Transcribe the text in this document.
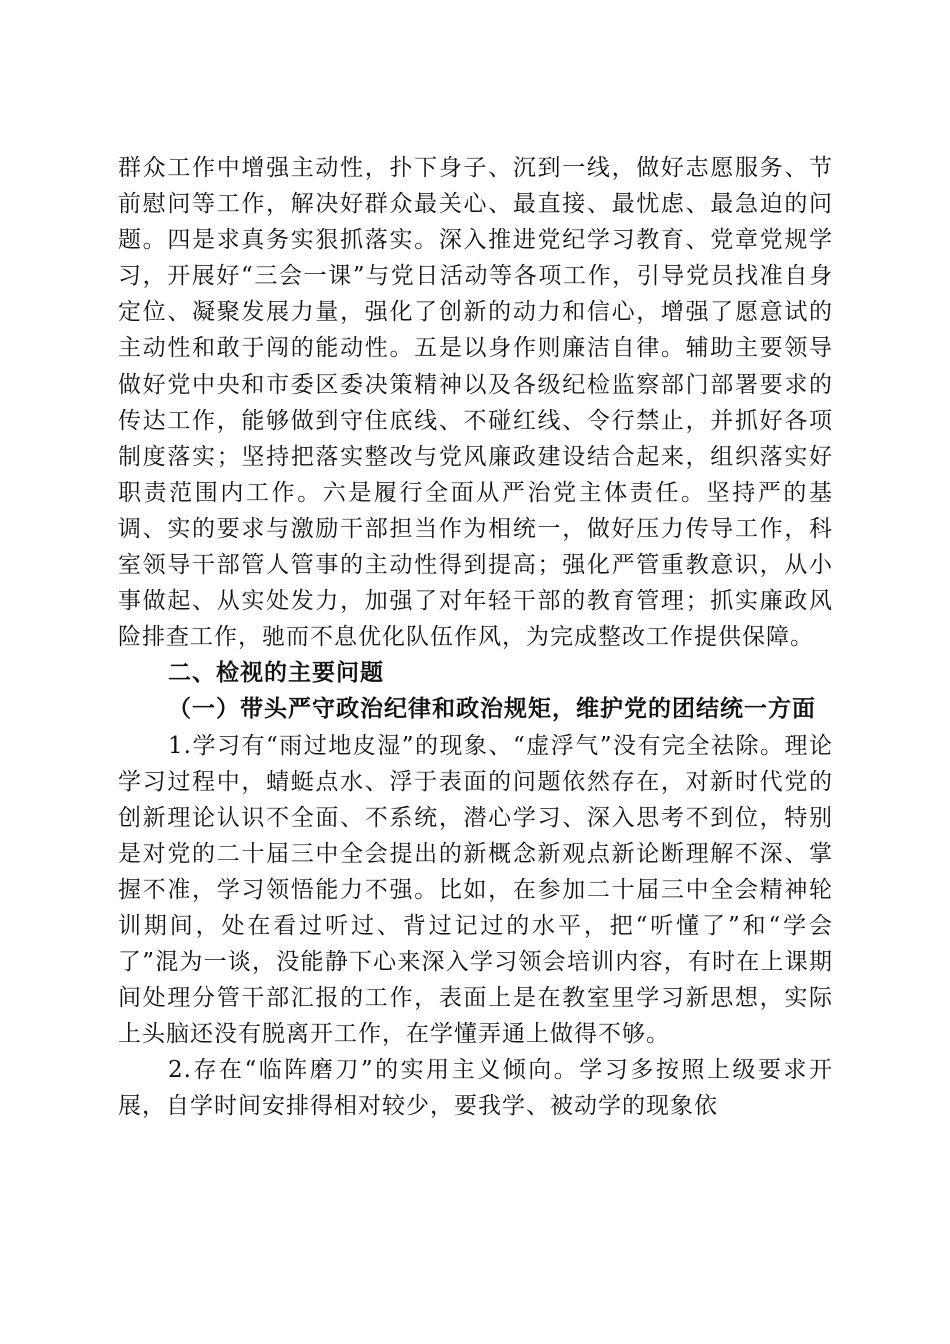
群众工作中增强主动性，扑下身子、沉到一线，做好志愿服务、节前慰问等工作，解决好群众最关心、最直接、最忧虑、最急迫的问题。四是求真务实狠抓落实。深入推进党纪学习教育、党章党规学习，开展好“三会一课”与党日活动等各项工作，引导党员找准自身定位、凝聚发展力量，强化了创新的动力和信心，增强了愿意试的主动性和敢于闯的能动性。五是以身作则廉洁自律。辅助主要领导做好党中央和市委区委决策精神以及各级纪检监察部门部署要求的传达工作，能够做到守住底线、不碰红线、令行禁止，并抓好各项制度落实；坚持把落实整改与党风廉政建设结合起来，组织落实好职责范围内工作。六是履行全面从严治党主体责任。坚持严的基调、实的要求与激励干部担当作为相统一，做好压力传导工作，科室领导干部管人管事的主动性得到提高；强化严管重教意识，从小事做起、从实处发力，加强了对年轻干部的教育管理；抓实廉政风险排查工作，驰而不息优化队伍作风，为完成整改工作提供保障。

二、检视的主要问题

（一）带头严守政治纪律和政治规矩，维护党的团结统一方面

1.学习有“雨过地皮湿”的现象、“虚浮气”没有完全祛除。理论学习过程中，蜻蜓点水、浮于表面的问题依然存在，对新时代党的创新理论认识不全面、不系统，潜心学习、深入思考不到位，特别是对党的二十届三中全会提出的新概念新观点新论断理解不深、掌握不准，学习领悟能力不强。比如，在参加二十届三中全会精神轮训期间，处在看过听过、背过记过的水平，把“听懂了”和“学会了”混为一谈，没能静下心来深入学习领会培训内容，有时在上课期间处理分管干部汇报的工作，表面上是在教室里学习新思想，实际上头脑还没有脱离开工作，在学懂弄通上做得不够。

2.存在“临阵磨刀”的实用主义倾向。学习多按照上级要求开展，自学时间安排得相对较少，要我学、被动学的现象依
